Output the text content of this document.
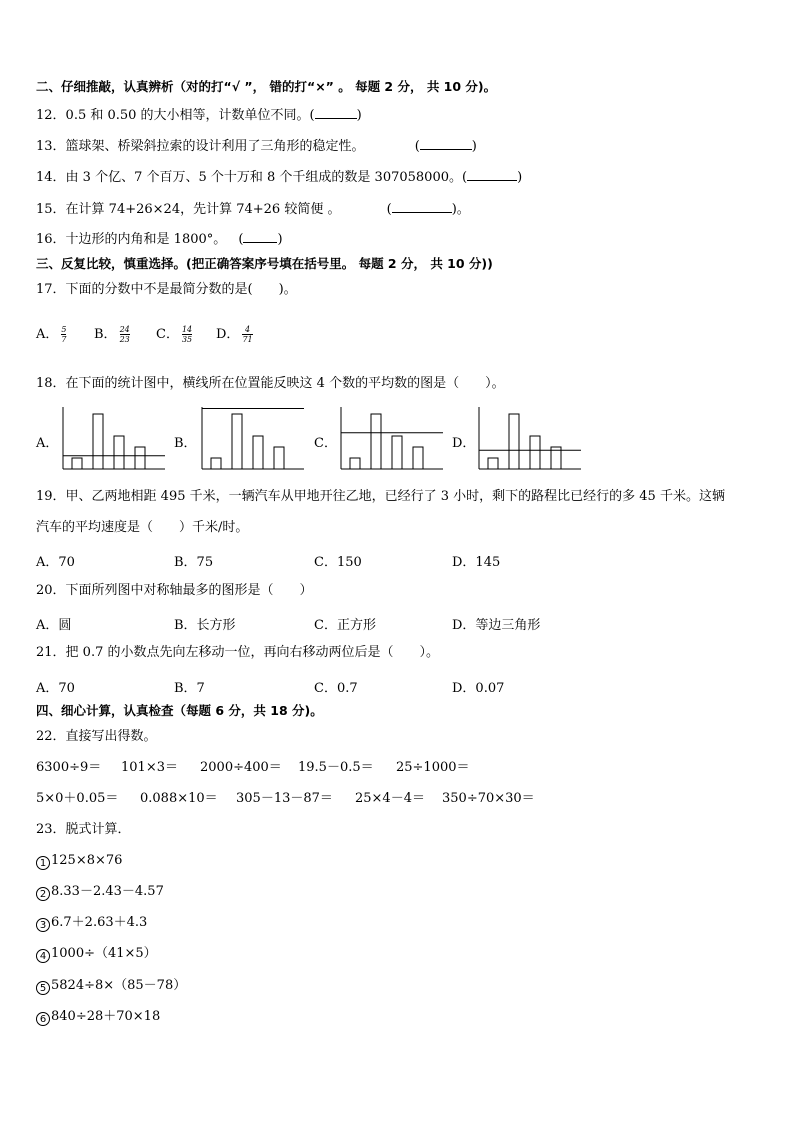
二、仔细推敲，认真辨析（对的打“√ ”， 错的打“×” 。 每题 2 分， 共 10 分)。
12．0.5 和 0.50 的大小相等，计数单位不同。(	)
13．篮球架、桥梁斜拉索的设计利用了三角形的稳定性。	(	)
14．由 3 个亿、7 个百万、5 个十万和 8 个千组成的数是 307058000。(	)
15．在计算 74+26×24，先计算 74+26 较简便 。	(	)。
16．十边形的内角和是 1800°。 (	)
三、反复比较，慎重选择。(把正确答案序号填在括号里。 每题 2 分， 共 10 分))
17．下面的分数中不是最简分数的是(　　)。
A． $\frac{5}{7}$ B． $\frac{24}{23}$ C． $\frac{14}{35}$ D． $\frac{4}{71}$
18．在下面的统计图中，横线所在位置能反映这 4 个数的平均数的图是（　　）。
A．	B．	C．	D．
19．甲、乙两地相距 495 千米，一辆汽车从甲地开往乙地，已经行了 3 小时，剩下的路程比已经行的多 45 千米。这辆
汽车的平均速度是（　　）千米/时。
A．70	B．75	C．150	D．145
20．下面所列图中对称轴最多的图形是（　　）
A．圆	B．长方形	C．正方形	D．等边三角形
21．把 0.7 的小数点先向左移动一位，再向右移动两位后是（　　）。
A．70	B．7	C．0.7	D．0.07
四、细心计算，认真检查（每题 6 分，共 18 分)。
22．直接写出得数。
6300÷9＝ 101×3＝ 2000÷400＝ 19.5－0.5＝ 25÷1000＝
5×0＋0.05＝ 0.088×10＝ 305－13－87＝ 25×4－4＝ 350÷70×30＝
23．脱式计算．
1 125×8×76
2 8.33－2.43－4.57
3 6.7＋2.63＋4.3
4 1000÷（41×5）
5 5824÷8×（85－78）
6 840÷28＋70×18
